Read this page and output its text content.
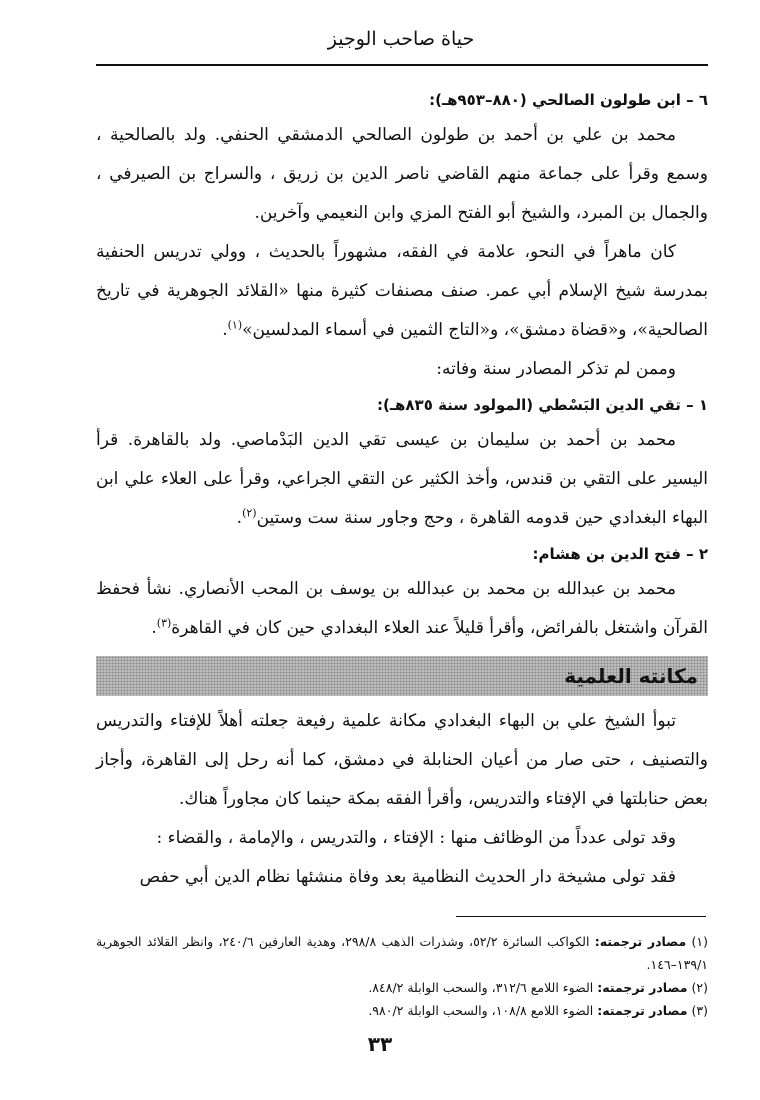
حياة صاحب الوجيز

٦ – ابن طولون الصالحي (٨٨٠–٩٥٣هـ):

محمد بن علي بن أحمد بن طولون الصالحي الدمشقي الحنفي. ولد بالصالحية ، وسمع وقرأ على جماعة منهم القاضي ناصر الدين بن زريق ، والسراج بن الصيرفي ، والجمال بن المبرد، والشيخ أبو الفتح المزي وابن النعيمي وآخرين.

كان ماهراً في النحو، علامة في الفقه، مشهوراً بالحديث ، وولي تدريس الحنفية بمدرسة شيخ الإسلام أبي عمر. صنف مصنفات كثيرة منها «القلائد الجوهرية في تاريخ الصالحية»، و«قضاة دمشق»، و«التاج الثمين في أسماء المدلسين»$^{(١)}$.

وممن لم تذكر المصادر سنة وفاته:

١ – تقي الدين البَسْطي (المولود سنة ٨٣٥هـ):

محمد بن أحمد بن سليمان بن عيسى تقي الدين البَدْماصي. ولد بالقاهرة. قرأ اليسير على التقي بن قندس، وأخذ الكثير عن التقي الجراعي، وقرأ على العلاء علي ابن البهاء البغدادي حين قدومه القاهرة ، وحج وجاور سنة ست وستين$^{(٢)}$.

٢ – فتح الدين بن هشام:

محمد بن عبدالله بن محمد بن عبدالله بن يوسف بن المحب الأنصاري. نشأ فحفظ القرآن واشتغل بالفرائض، وأقرأ قليلاً عند العلاء البغدادي حين كان في القاهرة$^{(٣)}$.

مكانته العلمية

تبوأ الشيخ علي بن البهاء البغدادي مكانة علمية رفيعة جعلته أهلاً للإفتاء والتدريس والتصنيف ، حتى صار من أعيان الحنابلة في دمشق، كما أنه رحل إلى القاهرة، وأجاز بعض حنابلتها في الإفتاء والتدريس، وأقرأ الفقه بمكة حينما كان مجاوراً هناك.

وقد تولى عدداً من الوظائف منها : الإفتاء ، والتدريس ، والإمامة ، والقضاء :

فقد تولى مشيخة دار الحديث النظامية بعد وفاة منشئها نظام الدين أبي حفص

(١) مصادر ترجمته: الكواكب السائرة ٥٢/٢، وشذرات الذهب ٢٩٨/٨، وهدية العارفين ٢٤٠/٦، وانظر القلائد الجوهرية ١٣٩/١–١٤٦.

(٢) مصادر ترجمته: الضوء اللامع ٣١٢/٦، والسحب الوابلة ٨٤٨/٢.

(٣) مصادر ترجمته: الضوء اللامع ١٠٨/٨، والسحب الوابلة ٩٨٠/٢.

٣٣
